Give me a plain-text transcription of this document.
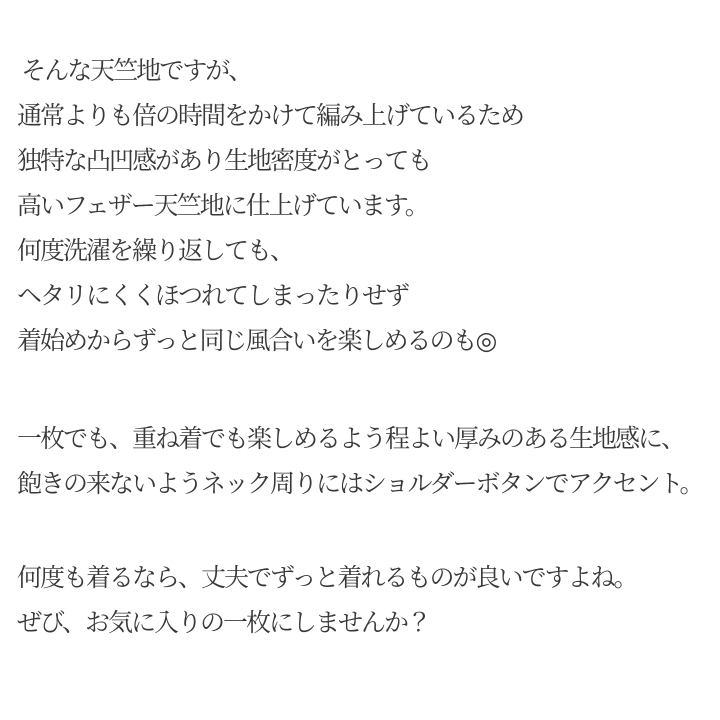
そんな天竺地ですが、

通常よりも倍の時間をかけて編み上げているため

独特な凸凹感があり生地密度がとっても

高いフェザー天竺地に仕上げています。

何度洗濯を繰り返しても、

ヘタリにくくほつれてしまったりせず

着始めからずっと同じ風合いを楽しめるのも◎

一枚でも、重ね着でも楽しめるよう程よい厚みのある生地感に、

飽きの来ないようネック周りにはショルダーボタンでアクセント。

何度も着るなら、丈夫でずっと着れるものが良いですよね。

ぜび、お気に入りの一枚にしませんか？
